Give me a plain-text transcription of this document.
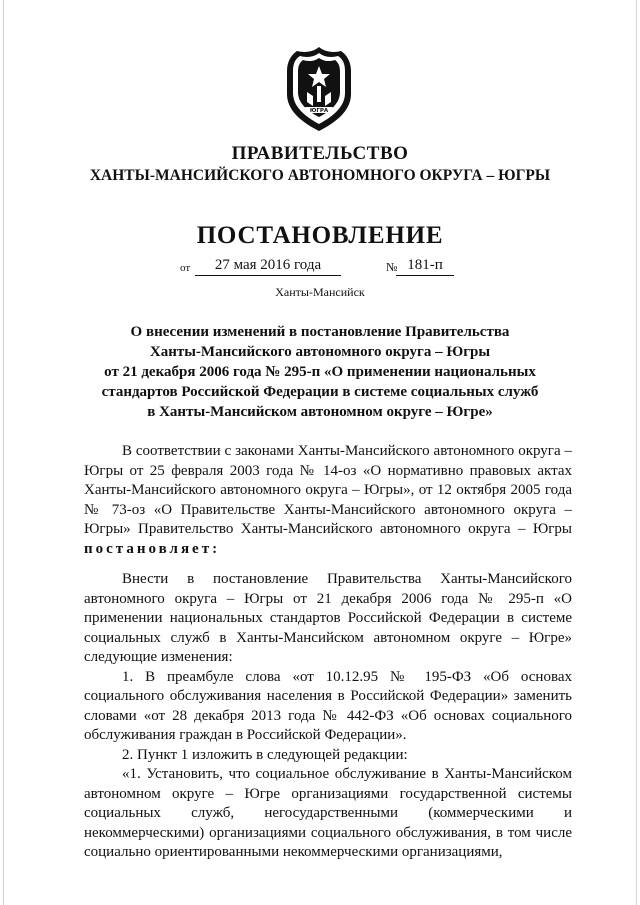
ЮГРА
ПРАВИТЕЛЬСТВО
ХАНТЫ-МАНСИЙСКОГО АВТОНОМНОГО ОКРУГА – ЮГРЫ
ПОСТАНОВЛЕНИЕ
от	27 мая 2016 года	№ 181-п
Ханты-Мансийск
О внесении изменений в постановление Правительства
Ханты-Мансийского автономного округа – Югры
от 21 декабря 2006 года № 295-п «О применении национальных
стандартов Российской Федерации в системе социальных служб
в Ханты-Мансийском автономном округе – Югре»

В соответствии с законами Ханты-Мансийского автономного округа – Югры от 25 февраля 2003 года № 14-оз «О нормативно правовых актах Ханты-Мансийского автономного округа – Югры», от 12 октября 2005 года № 73-оз «О Правительстве Ханты-Мансийского автономного округа – Югры» Правительство Ханты-Мансийского автономного округа – Югры постановляет:

Внести в постановление Правительства Ханты-Мансийского автономного округа – Югры от 21 декабря 2006 года № 295-п «О применении национальных стандартов Российской Федерации в системе социальных служб в Ханты-Мансийском автономном округе – Югре» следующие изменения:

1. В преамбуле слова «от 10.12.95 № 195-ФЗ «Об основах социального обслуживания населения в Российской Федерации» заменить словами «от 28 декабря 2013 года № 442-ФЗ «Об основах социального обслуживания граждан в Российской Федерации».

2. Пункт 1 изложить в следующей редакции:

«1. Установить, что социальное обслуживание в Ханты-Мансийском автономном округе – Югре организациями государственной системы социальных служб, негосударственными (коммерческими и некоммерческими) организациями социального обслуживания, в том числе социально ориентированными некоммерческими организациями,
